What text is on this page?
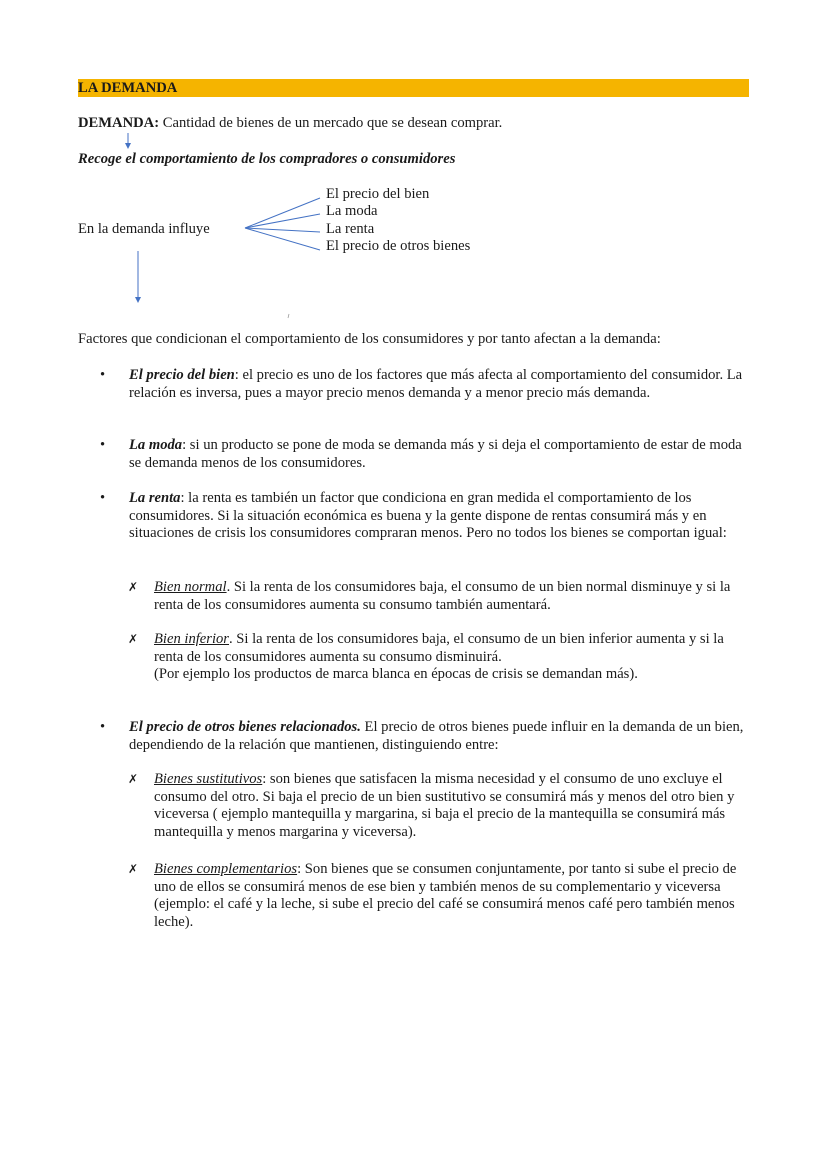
LA DEMANDA
DEMANDA: Cantidad de bienes de un mercado que se desean comprar.
Recoge el comportamiento de los compradores o consumidores
En la demanda influye
El precio del bien
La moda
La renta
El precio de otros bienes
Factores que condicionan el comportamiento de los consumidores y por tanto afectan a la demanda:
•	El precio del bien: el precio es uno de los factores que más afecta al comportamiento del consumidor. La relación es inversa, pues a mayor precio menos demanda y a menor precio más demanda.
•	La moda: si un producto se pone de moda se demanda más y si deja el comportamiento de estar de moda se demanda menos de los consumidores.
•	La renta: la renta es también un factor que condiciona en gran medida el comportamiento de los consumidores. Si la situación económica es buena y la gente dispone de rentas consumirá más y en situaciones de crisis los consumidores compraran menos. Pero no todos los bienes se comportan igual:
✗ Bien normal. Si la renta de los consumidores baja, el consumo de un bien normal disminuye y si la renta de los consumidores aumenta su consumo también aumentará.
✗ Bien inferior. Si la renta de los consumidores baja, el consumo de un bien inferior aumenta y si la renta de los consumidores aumenta su consumo disminuirá.
(Por ejemplo los productos de marca blanca en épocas de crisis se demandan más).
•	El precio de otros bienes relacionados. El precio de otros bienes puede influir en la demanda de un bien, dependiendo de la relación que mantienen, distinguiendo entre:
✗ Bienes sustitutivos: son bienes que satisfacen la misma necesidad y el consumo de uno excluye el consumo del otro. Si baja el precio de un bien sustitutivo se consumirá más y menos del otro bien y viceversa ( ejemplo mantequilla y margarina, si baja el precio de la mantequilla se consumirá más mantequilla y menos margarina y viceversa).
✗ Bienes complementarios: Son bienes que se consumen conjuntamente, por tanto si sube el precio de uno de ellos se consumirá menos de ese bien y también menos de su complementario y viceversa (ejemplo: el café y la leche, si sube el precio del café se consumirá menos café pero también menos leche).
